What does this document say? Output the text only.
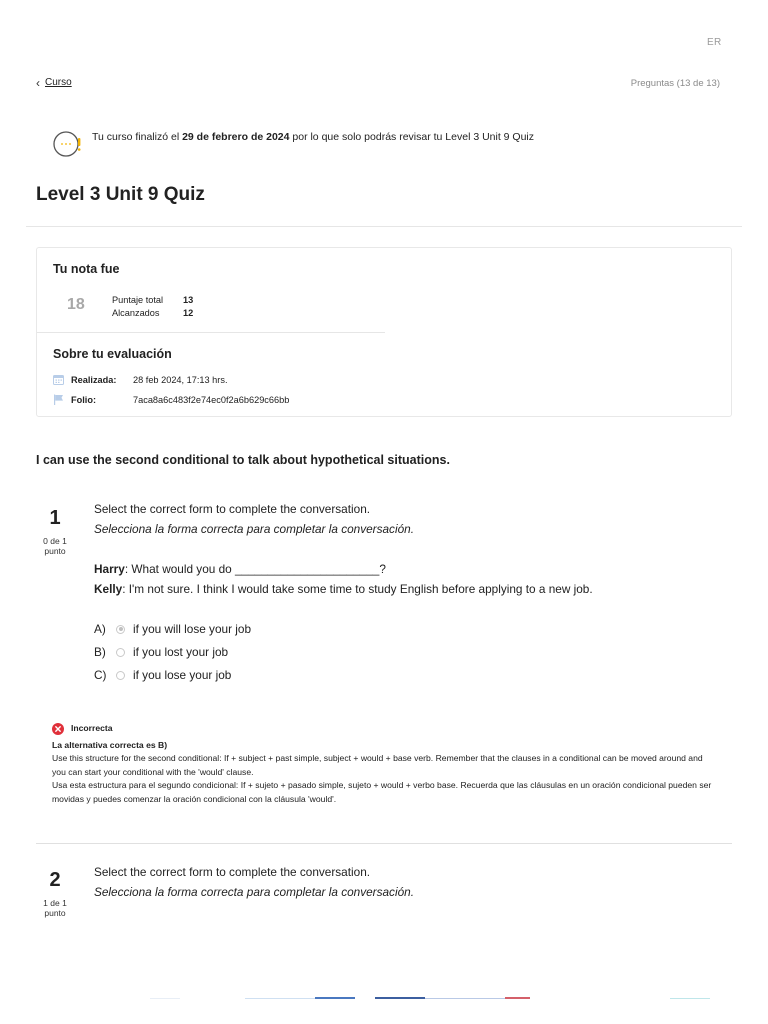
ER
‹ Curso	Preguntas (13 de 13)
Tu curso finalizó el 29 de febrero de 2024 por lo que solo podrás revisar tu Level 3 Unit 9 Quiz
Level 3 Unit 9 Quiz
Tu nota fue
18	Puntaje total	13
Alcanzados	12
Sobre tu evaluación
Realizada:	28 feb 2024, 17:13 hrs.
Folio:	7aca8a6c483f2e74ec0f2a6b629c66bb
I can use the second conditional to talk about hypothetical situations.
1
0 de 1
punto
Select the correct form to complete the conversation.
Selecciona la forma correcta para completar la conversación.
Harry: What would you do ______________________?
Kelly: I'm not sure. I think I would take some time to study English before applying to a new job.
A)	if you will lose your job
B)	if you lost your job
C)	if you lose your job
Incorrecta
La alternativa correcta es B)
Use this structure for the second conditional: If + subject + past simple, subject + would + base verb. Remember that the clauses in a conditional can be moved around and you can start your conditional with the 'would' clause.
Usa esta estructura para el segundo condicional: If + sujeto + pasado simple, sujeto + would + verbo base. Recuerda que las cláusulas en un oración condicional pueden ser movidas y puedes comenzar la oración condicional con la cláusula 'would'.
2
1 de 1
punto
Select the correct form to complete the conversation.
Selecciona la forma correcta para completar la conversación.
